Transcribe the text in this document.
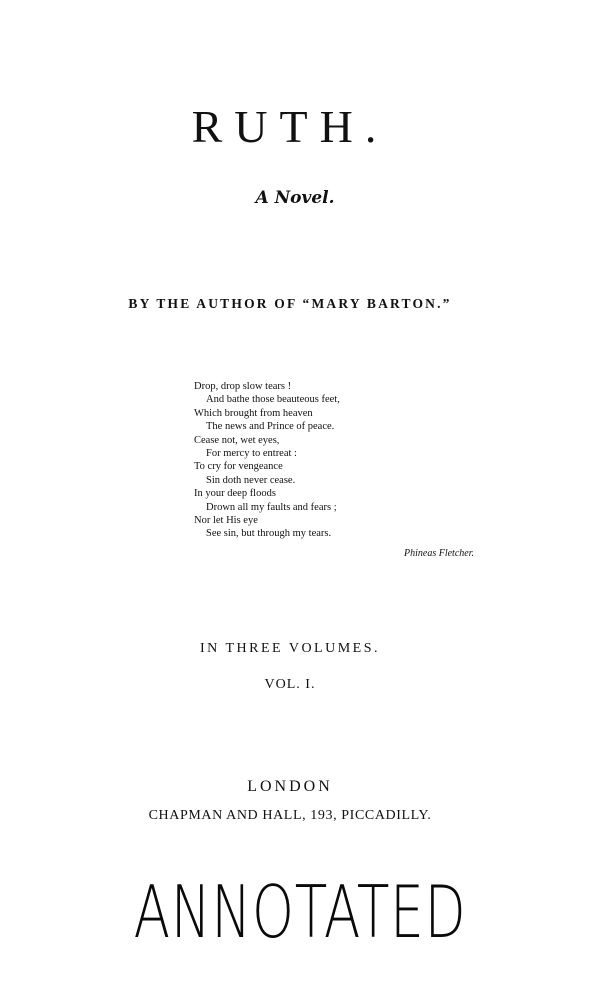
RUTH.
A Novel.
BY THE AUTHOR OF “MARY BARTON.”
Drop, drop slow tears !
And bathe those beauteous feet,
Which brought from heaven
The news and Prince of peace.
Cease not, wet eyes,
For mercy to entreat :
To cry for vengeance
Sin doth never cease.
In your deep floods
Drown all my faults and fears ;
Nor let His eye
See sin, but through my tears.
Phineas Fletcher.
IN THREE VOLUMES.
VOL. I.
LONDON
CHAPMAN AND HALL, 193, PICCADILLY.
ANNOTATED
